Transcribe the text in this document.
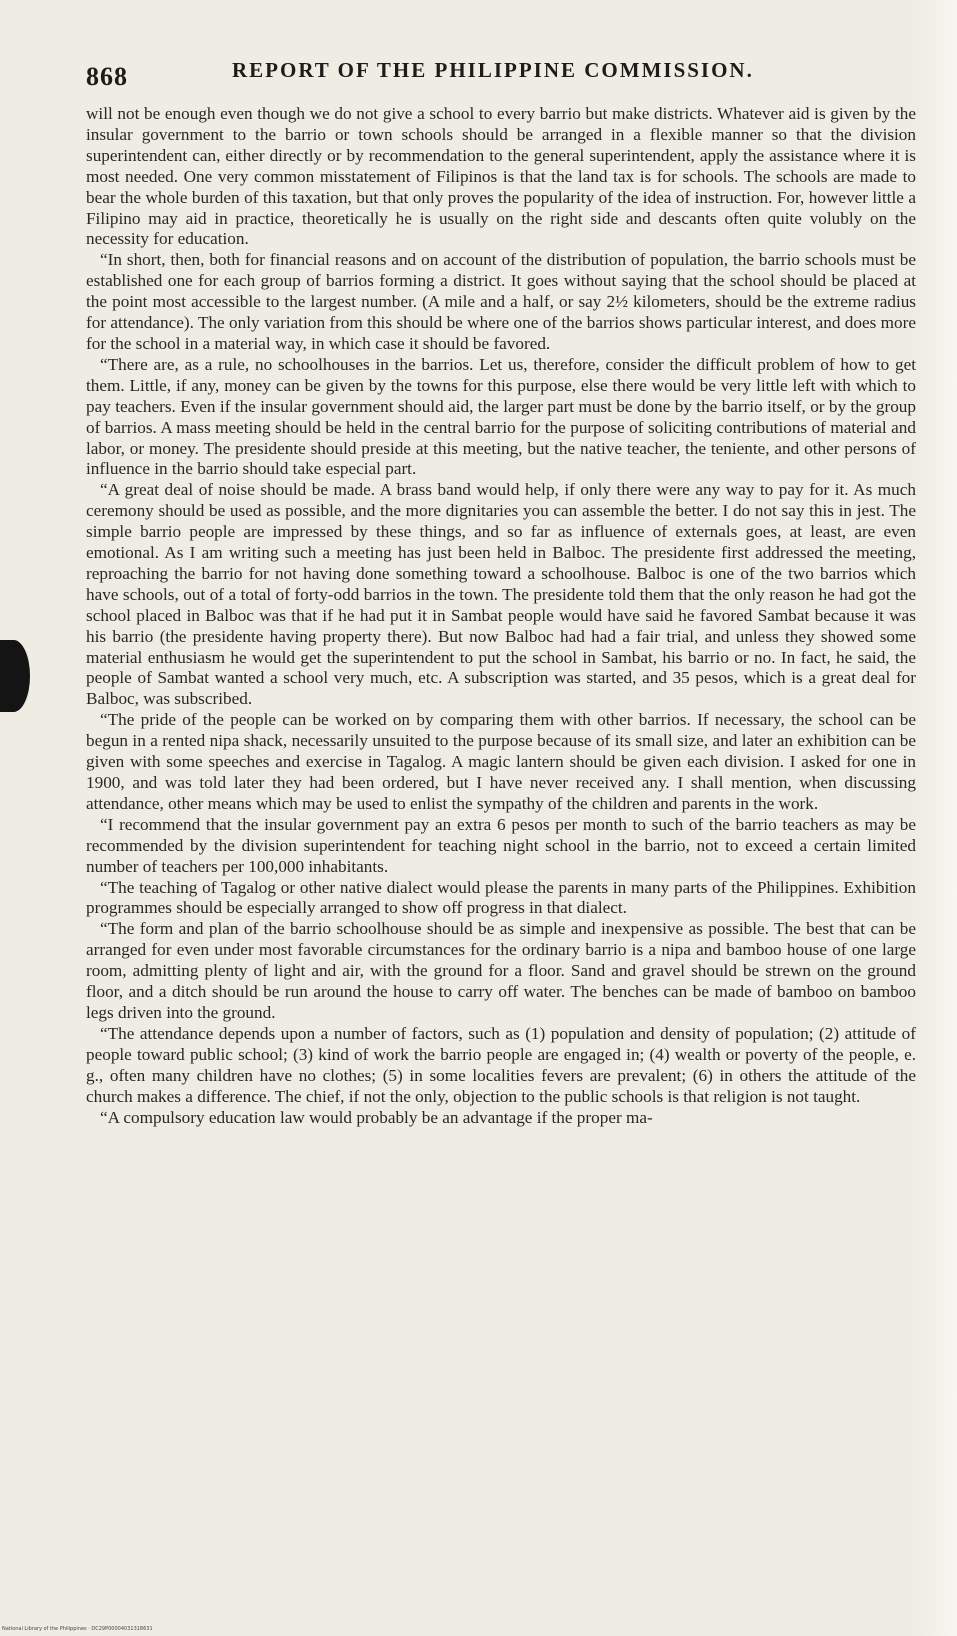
868	REPORT OF THE PHILIPPINE COMMISSION.

will not be enough even though we do not give a school to every barrio but make districts. Whatever aid is given by the insular government to the barrio or town schools should be arranged in a flexible manner so that the division superintendent can, either directly or by recommendation to the general superintendent, apply the assistance where it is most needed. One very common misstatement of Filipinos is that the land tax is for schools. The schools are made to bear the whole burden of this taxation, but that only proves the popularity of the idea of instruction. For, however little a Filipino may aid in practice, theoretically he is usually on the right side and descants often quite volubly on the necessity for education.

“In short, then, both for financial reasons and on account of the distribution of population, the barrio schools must be established one for each group of barrios forming a district. It goes without saying that the school should be placed at the point most accessible to the largest number. (A mile and a half, or say 2½ kilometers, should be the extreme radius for attendance). The only variation from this should be where one of the barrios shows particular interest, and does more for the school in a material way, in which case it should be favored.

“There are, as a rule, no schoolhouses in the barrios. Let us, therefore, consider the difficult problem of how to get them. Little, if any, money can be given by the towns for this purpose, else there would be very little left with which to pay teachers. Even if the insular government should aid, the larger part must be done by the barrio itself, or by the group of barrios. A mass meeting should be held in the central barrio for the purpose of soliciting contributions of material and labor, or money. The presidente should preside at this meeting, but the native teacher, the teniente, and other persons of influence in the barrio should take especial part.

“A great deal of noise should be made. A brass band would help, if only there were any way to pay for it. As much ceremony should be used as possible, and the more dignitaries you can assemble the better. I do not say this in jest. The simple barrio people are impressed by these things, and so far as influence of externals goes, at least, are even emotional. As I am writing such a meeting has just been held in Balboc. The presidente first addressed the meeting, reproaching the barrio for not having done something toward a schoolhouse. Balboc is one of the two barrios which have schools, out of a total of forty-odd barrios in the town. The presidente told them that the only reason he had got the school placed in Balboc was that if he had put it in Sambat people would have said he favored Sambat because it was his barrio (the presidente having property there). But now Balboc had had a fair trial, and unless they showed some material enthusiasm he would get the superintendent to put the school in Sambat, his barrio or no. In fact, he said, the people of Sambat wanted a school very much, etc. A subscription was started, and 35 pesos, which is a great deal for Balboc, was subscribed.

“The pride of the people can be worked on by comparing them with other barrios. If necessary, the school can be begun in a rented nipa shack, necessarily unsuited to the purpose because of its small size, and later an exhibition can be given with some speeches and exercise in Tagalog. A magic lantern should be given each division. I asked for one in 1900, and was told later they had been ordered, but I have never received any. I shall mention, when discussing attendance, other means which may be used to enlist the sympathy of the children and parents in the work.

“I recommend that the insular government pay an extra 6 pesos per month to such of the barrio teachers as may be recommended by the division superintendent for teaching night school in the barrio, not to exceed a certain limited number of teachers per 100,000 inhabitants.

“The teaching of Tagalog or other native dialect would please the parents in many parts of the Philippines. Exhibition programmes should be especially arranged to show off progress in that dialect.

“The form and plan of the barrio schoolhouse should be as simple and inexpensive as possible. The best that can be arranged for even under most favorable circumstances for the ordinary barrio is a nipa and bamboo house of one large room, admitting plenty of light and air, with the ground for a floor. Sand and gravel should be strewn on the ground floor, and a ditch should be run around the house to carry off water. The benches can be made of bamboo on bamboo legs driven into the ground.

“The attendance depends upon a number of factors, such as (1) population and density of population; (2) attitude of people toward public school; (3) kind of work the barrio people are engaged in; (4) wealth or poverty of the people, e. g., often many children have no clothes; (5) in some localities fevers are prevalent; (6) in others the attitude of the church makes a difference. The chief, if not the only, objection to the public schools is that religion is not taught.

“A compulsory education law would probably be an advantage if the proper ma-

National Library of the Philippines · DC29P00004031318631
